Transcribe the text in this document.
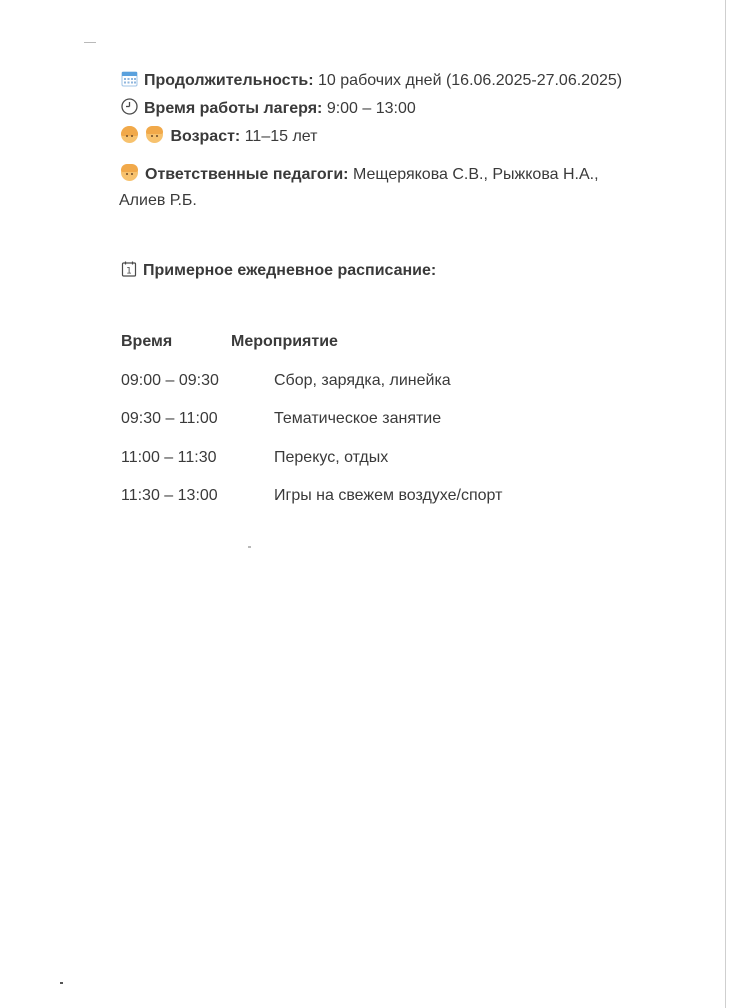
Продолжительность: 10 рабочих дней (16.06.2025-27.06.2025)
Время работы лагеря: 9:00 – 13:00

Возраст: 11–15 лет
Ответственные педагоги: Мещерякова С.В., Рыжкова Н.А.,
Алиев Р.Б.
1 Примерное ежедневное расписание:
Время	Мероприятие
09:00 – 09:30	Сбор, зарядка, линейка
09:30 – 11:00	Тематическое занятие
11:00 – 11:30	Перекус, отдых
11:30 – 13:00	Игры на свежем воздухе/спорт
